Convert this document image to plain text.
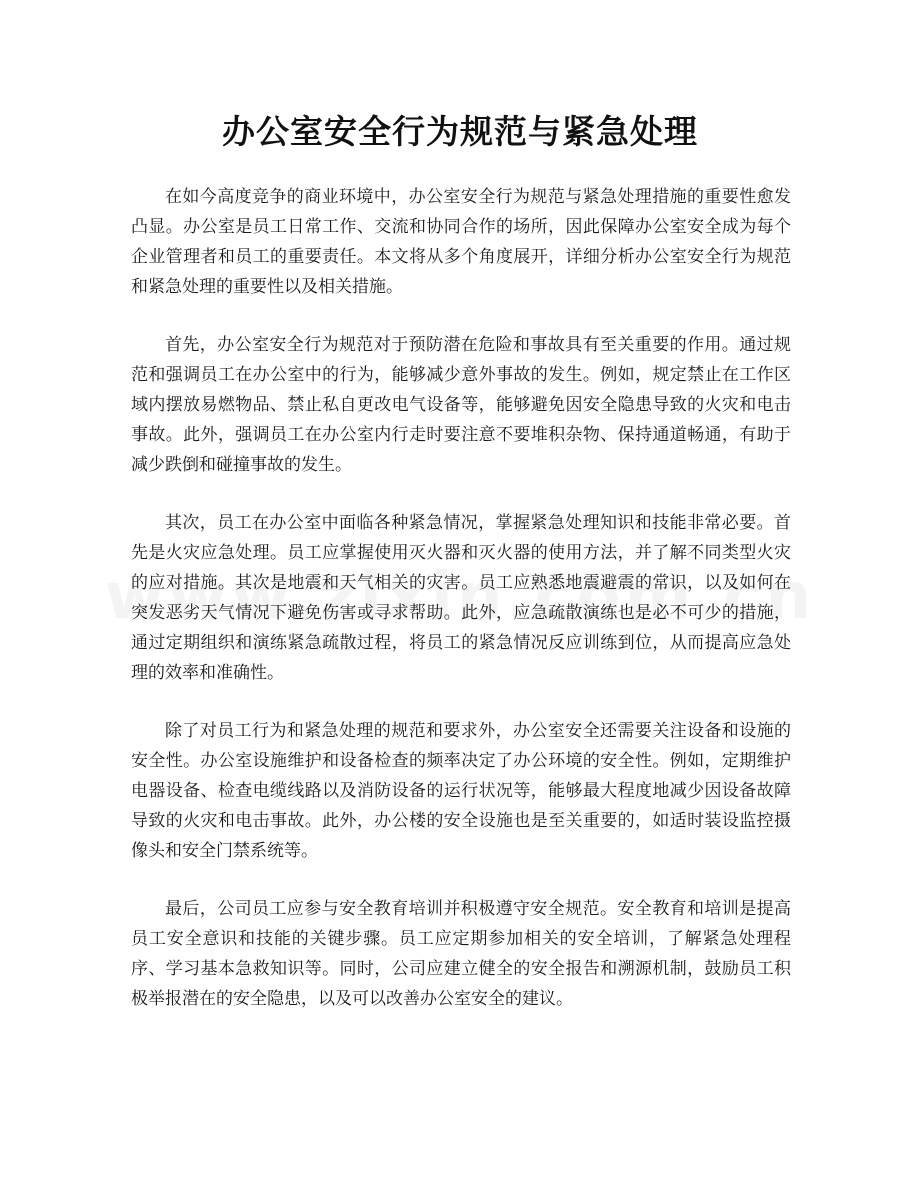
办公室安全行为规范与紧急处理

在如今高度竞争的商业环境中，办公室安全行为规范与紧急处理措施的重要性愈发凸显。办公室是员工日常工作、交流和协同合作的场所，因此保障办公室安全成为每个企业管理者和员工的重要责任。本文将从多个角度展开，详细分析办公室安全行为规范和紧急处理的重要性以及相关措施。

首先，办公室安全行为规范对于预防潜在危险和事故具有至关重要的作用。通过规范和强调员工在办公室中的行为，能够减少意外事故的发生。例如，规定禁止在工作区域内摆放易燃物品、禁止私自更改电气设备等，能够避免因安全隐患导致的火灾和电击事故。此外，强调员工在办公室内行走时要注意不要堆积杂物、保持通道畅通，有助于减少跌倒和碰撞事故的发生。

其次，员工在办公室中面临各种紧急情况，掌握紧急处理知识和技能非常必要。首先是火灾应急处理。员工应掌握使用灭火器和灭火器的使用方法，并了解不同类型火灾的应对措施。其次是地震和天气相关的灾害。员工应熟悉地震避震的常识，以及如何在突发恶劣天气情况下避免伤害或寻求帮助。此外，应急疏散演练也是必不可少的措施，通过定期组织和演练紧急疏散过程，将员工的紧急情况反应训练到位，从而提高应急处理的效率和准确性。

除了对员工行为和紧急处理的规范和要求外，办公室安全还需要关注设备和设施的安全性。办公室设施维护和设备检查的频率决定了办公环境的安全性。例如，定期维护电器设备、检查电缆线路以及消防设备的运行状况等，能够最大程度地减少因设备故障导致的火灾和电击事故。此外，办公楼的安全设施也是至关重要的，如适时装设监控摄像头和安全门禁系统等。

最后，公司员工应参与安全教育培训并积极遵守安全规范。安全教育和培训是提高员工安全意识和技能的关键步骤。员工应定期参加相关的安全培训，了解紧急处理程序、学习基本急救知识等。同时，公司应建立健全的安全报告和溯源机制，鼓励员工积极举报潜在的安全隐患，以及可以改善办公室安全的建议。
